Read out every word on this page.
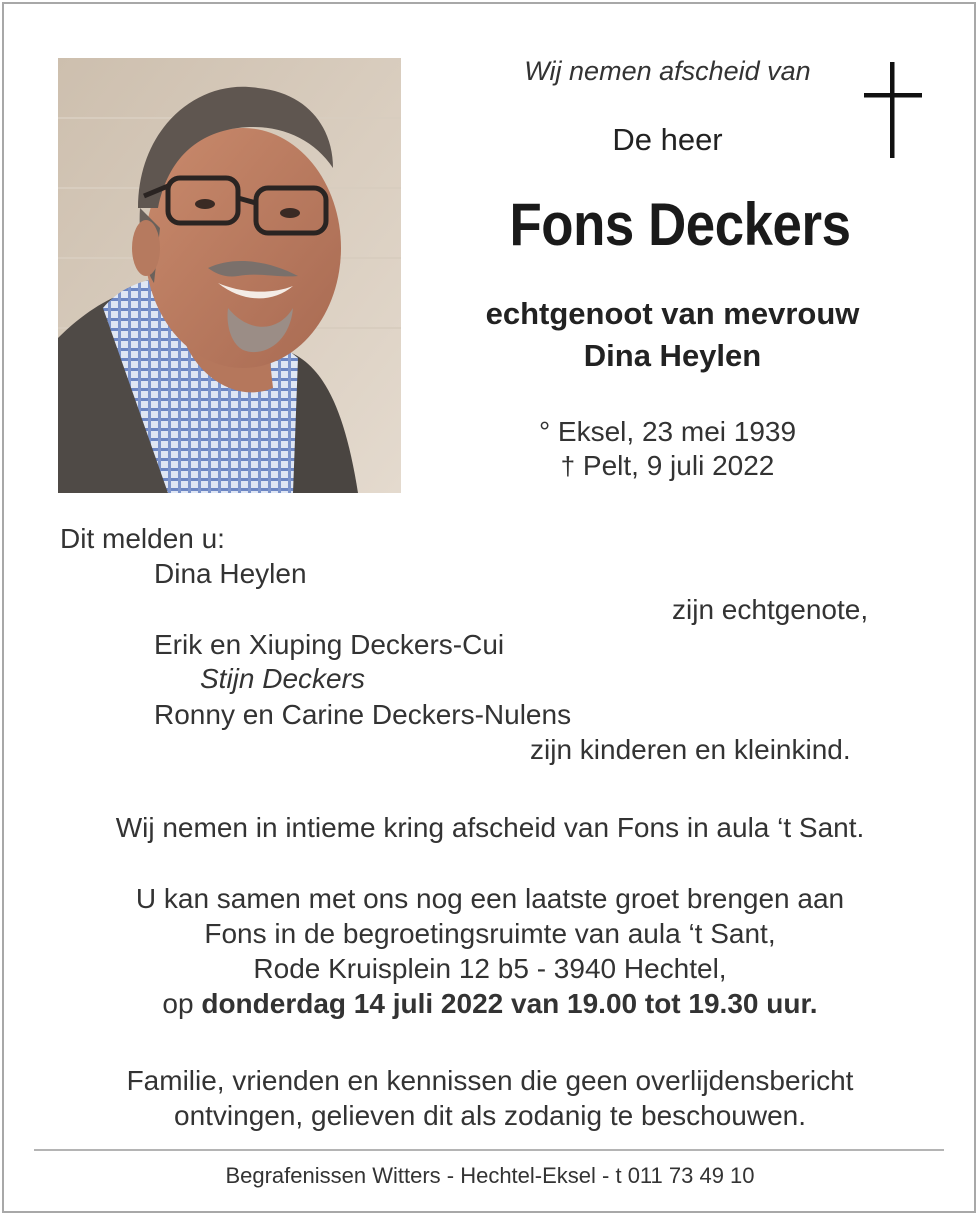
Wij nemen afscheid van
De heer
Fons Deckers
echtgenoot van mevrouw
Dina Heylen
° Eksel, 23 mei 1939
† Pelt, 9 juli 2022
Dit melden u:
Dina Heylen
zijn echtgenote,
Erik en Xiuping Deckers-Cui
Stijn Deckers
Ronny en Carine Deckers-Nulens
zijn kinderen en kleinkind.
Wij nemen in intieme kring afscheid van Fons in aula ‘t Sant.
U kan samen met ons nog een laatste groet brengen aan
Fons in de begroetingsruimte van aula ‘t Sant,
Rode Kruisplein 12 b5 - 3940 Hechtel,
op donderdag 14 juli 2022 van 19.00 tot 19.30 uur.
Familie, vrienden en kennissen die geen overlijdensbericht
ontvingen, gelieven dit als zodanig te beschouwen.
Begrafenissen Witters - Hechtel-Eksel - t 011 73 49 10
